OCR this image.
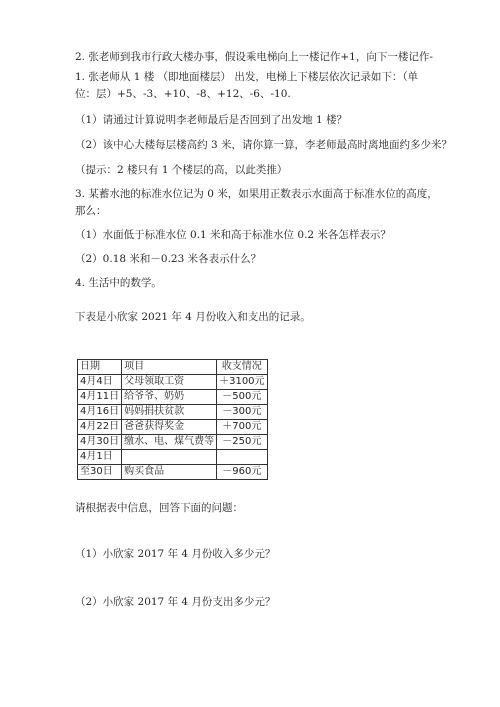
2. 张老师到我市行政大楼办事，假设乘电梯向上一楼记作+1，向下一楼记作-
1. 张老师从 1 楼 （即地面楼层） 出发，电梯上下楼层依次记录如下：（单
位：层）+5、-3、+10、-8、+12、-6、-10.
（1）请通过计算说明李老师最后是否回到了出发地 1 楼？
（2）该中心大楼每层楼高约 3 米，请你算一算，李老师最高时离地面约多少米？
（提示：2 楼只有 1 个楼层的高，以此类推）
3. 某蓄水池的标准水位记为 0 米，如果用正数表示水面高于标准水位的高度，
那么：
（1）水面低于标准水位 0.1 米和高于标准水位 0.2 米各怎样表示？
（2）0.18 米和－0.23 米各表示什么？
4. 生活中的数学。
下表是小欣家 2021 年 4 月份收入和支出的记录。
日期	项目	收支情况
4月4日	父母领取工资	＋3100元
4月11日	给爷爷、奶奶	－500元
4月16日	妈妈捐扶贫款	－300元
4月22日	爸爸获得奖金	＋700元
4月30日	缴水、电、煤气费等	－250元
4月1日		
至30日	购买食品	－960元
请根据表中信息，回答下面的问题：
（1）小欣家 2017 年 4 月份收入多少元？
（2）小欣家 2017 年 4 月份支出多少元？
